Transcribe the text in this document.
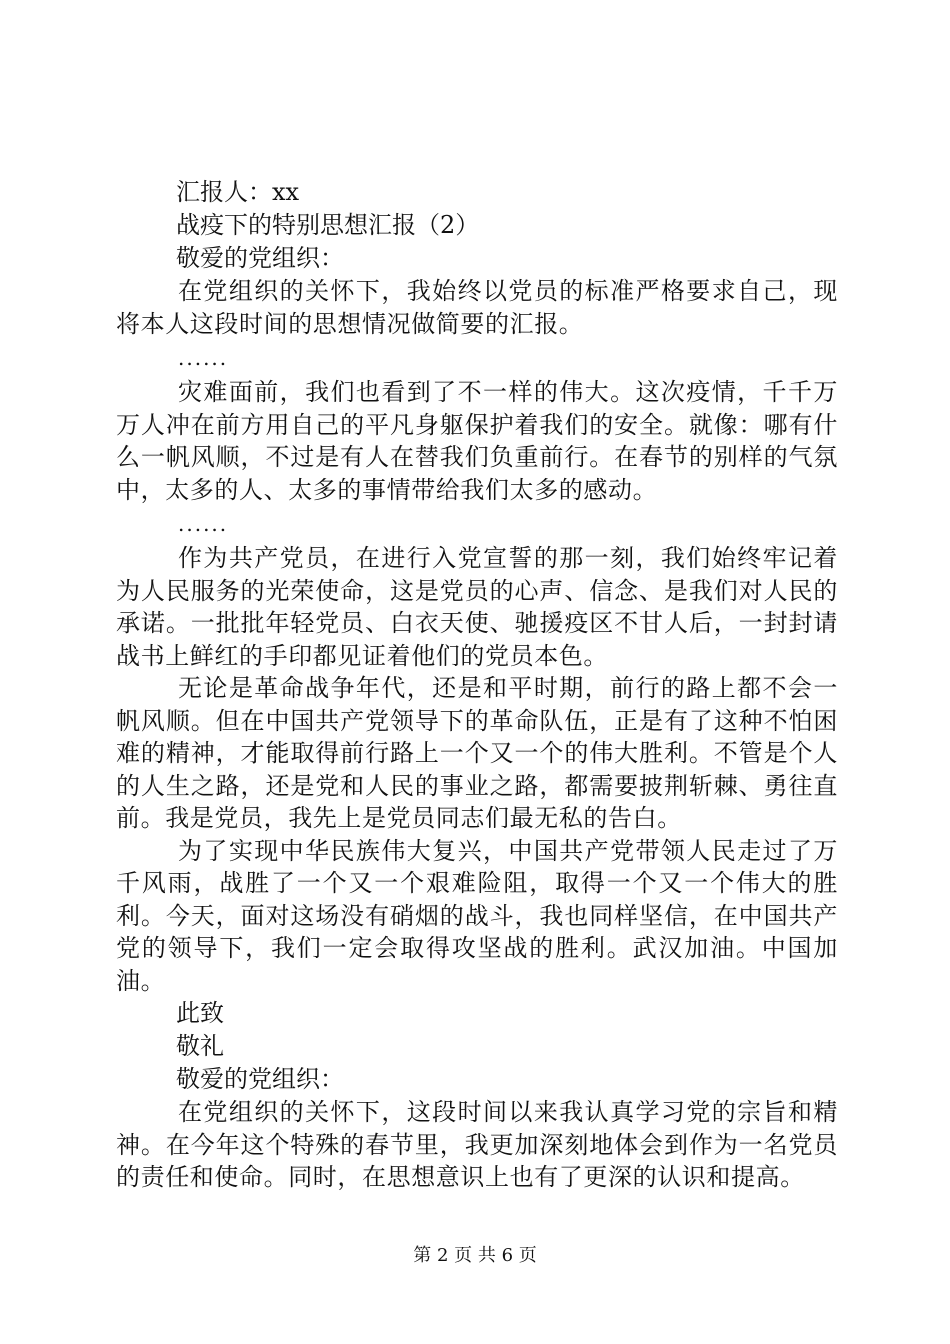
汇报人：xx

战疫下的特别思想汇报（2）

敬爱的党组织：

在党组织的关怀下，我始终以党员的标准严格要求自己，现将本人这段时间的思想情况做简要的汇报。

......

灾难面前，我们也看到了不一样的伟大。这次疫情，千千万万人冲在前方用自己的平凡身躯保护着我们的安全。就像：哪有什么一帆风顺，不过是有人在替我们负重前行。在春节的别样的气氛中，太多的人、太多的事情带给我们太多的感动。

......

作为共产党员，在进行入党宣誓的那一刻，我们始终牢记着为人民服务的光荣使命，这是党员的心声、信念、是我们对人民的承诺。一批批年轻党员、白衣天使、驰援疫区不甘人后，一封封请战书上鲜红的手印都见证着他们的党员本色。

无论是革命战争年代，还是和平时期，前行的路上都不会一帆风顺。但在中国共产党领导下的革命队伍，正是有了这种不怕困难的精神，才能取得前行路上一个又一个的伟大胜利。不管是个人的人生之路，还是党和人民的事业之路，都需要披荆斩棘、勇往直前。我是党员，我先上是党员同志们最无私的告白。

为了实现中华民族伟大复兴，中国共产党带领人民走过了万千风雨，战胜了一个又一个艰难险阻，取得一个又一个伟大的胜利。今天，面对这场没有硝烟的战斗，我也同样坚信，在中国共产党的领导下，我们一定会取得攻坚战的胜利。武汉加油。中国加油。

此致

敬礼

敬爱的党组织：

在党组织的关怀下，这段时间以来我认真学习党的宗旨和精神。在今年这个特殊的春节里，我更加深刻地体会到作为一名党员的责任和使命。同时，在思想意识上也有了更深的认识和提高。

第 2 页 共 6 页
